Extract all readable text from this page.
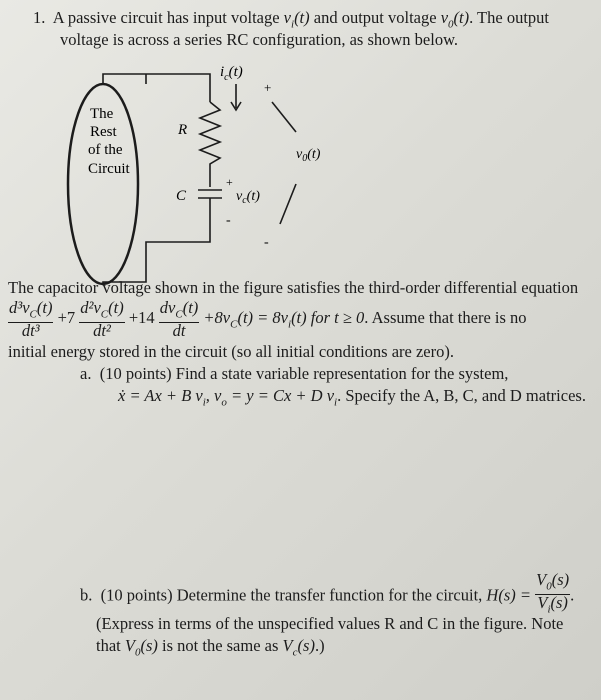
1. A passive circuit has input voltage $v_i(t)$ and output voltage $v_0(t)$. The output
voltage is across a series RC configuration, as shown below.
$i_c(t)$
The
Rest
of the
Circuit
R
C
+
-
$v_c(t)$
+
$v_0(t)$
-
The capacitor voltage shown in the figure satisfies the third-order differential equation
$\frac{d^3v_C(t)}{\text{dt³}} +7 \frac{d^2v_C(t)}{\text{dt²}} +14 \frac{dv_C(t)}{dt} +8v_C(t) = 8v_i(t)$ for t ≥ 0. Assume that there is no
initial energy stored in the circuit (so all initial conditions are zero).
a. (10 points) Find a state variable representation for the system,
ẋ = Ax + B $v_i$, $v_o = y = Cx + D$ $v_i$. Specify the A, B, C, and D matrices.
b. (10 points) Determine the transfer function for the circuit, $H(s) = \frac{V_0(s)}{V_i(s)}$ .
(Express in terms of the unspecified values R and C in the figure. Note
that $V_0(s)$ is not the same as $V_c(s)$.)
